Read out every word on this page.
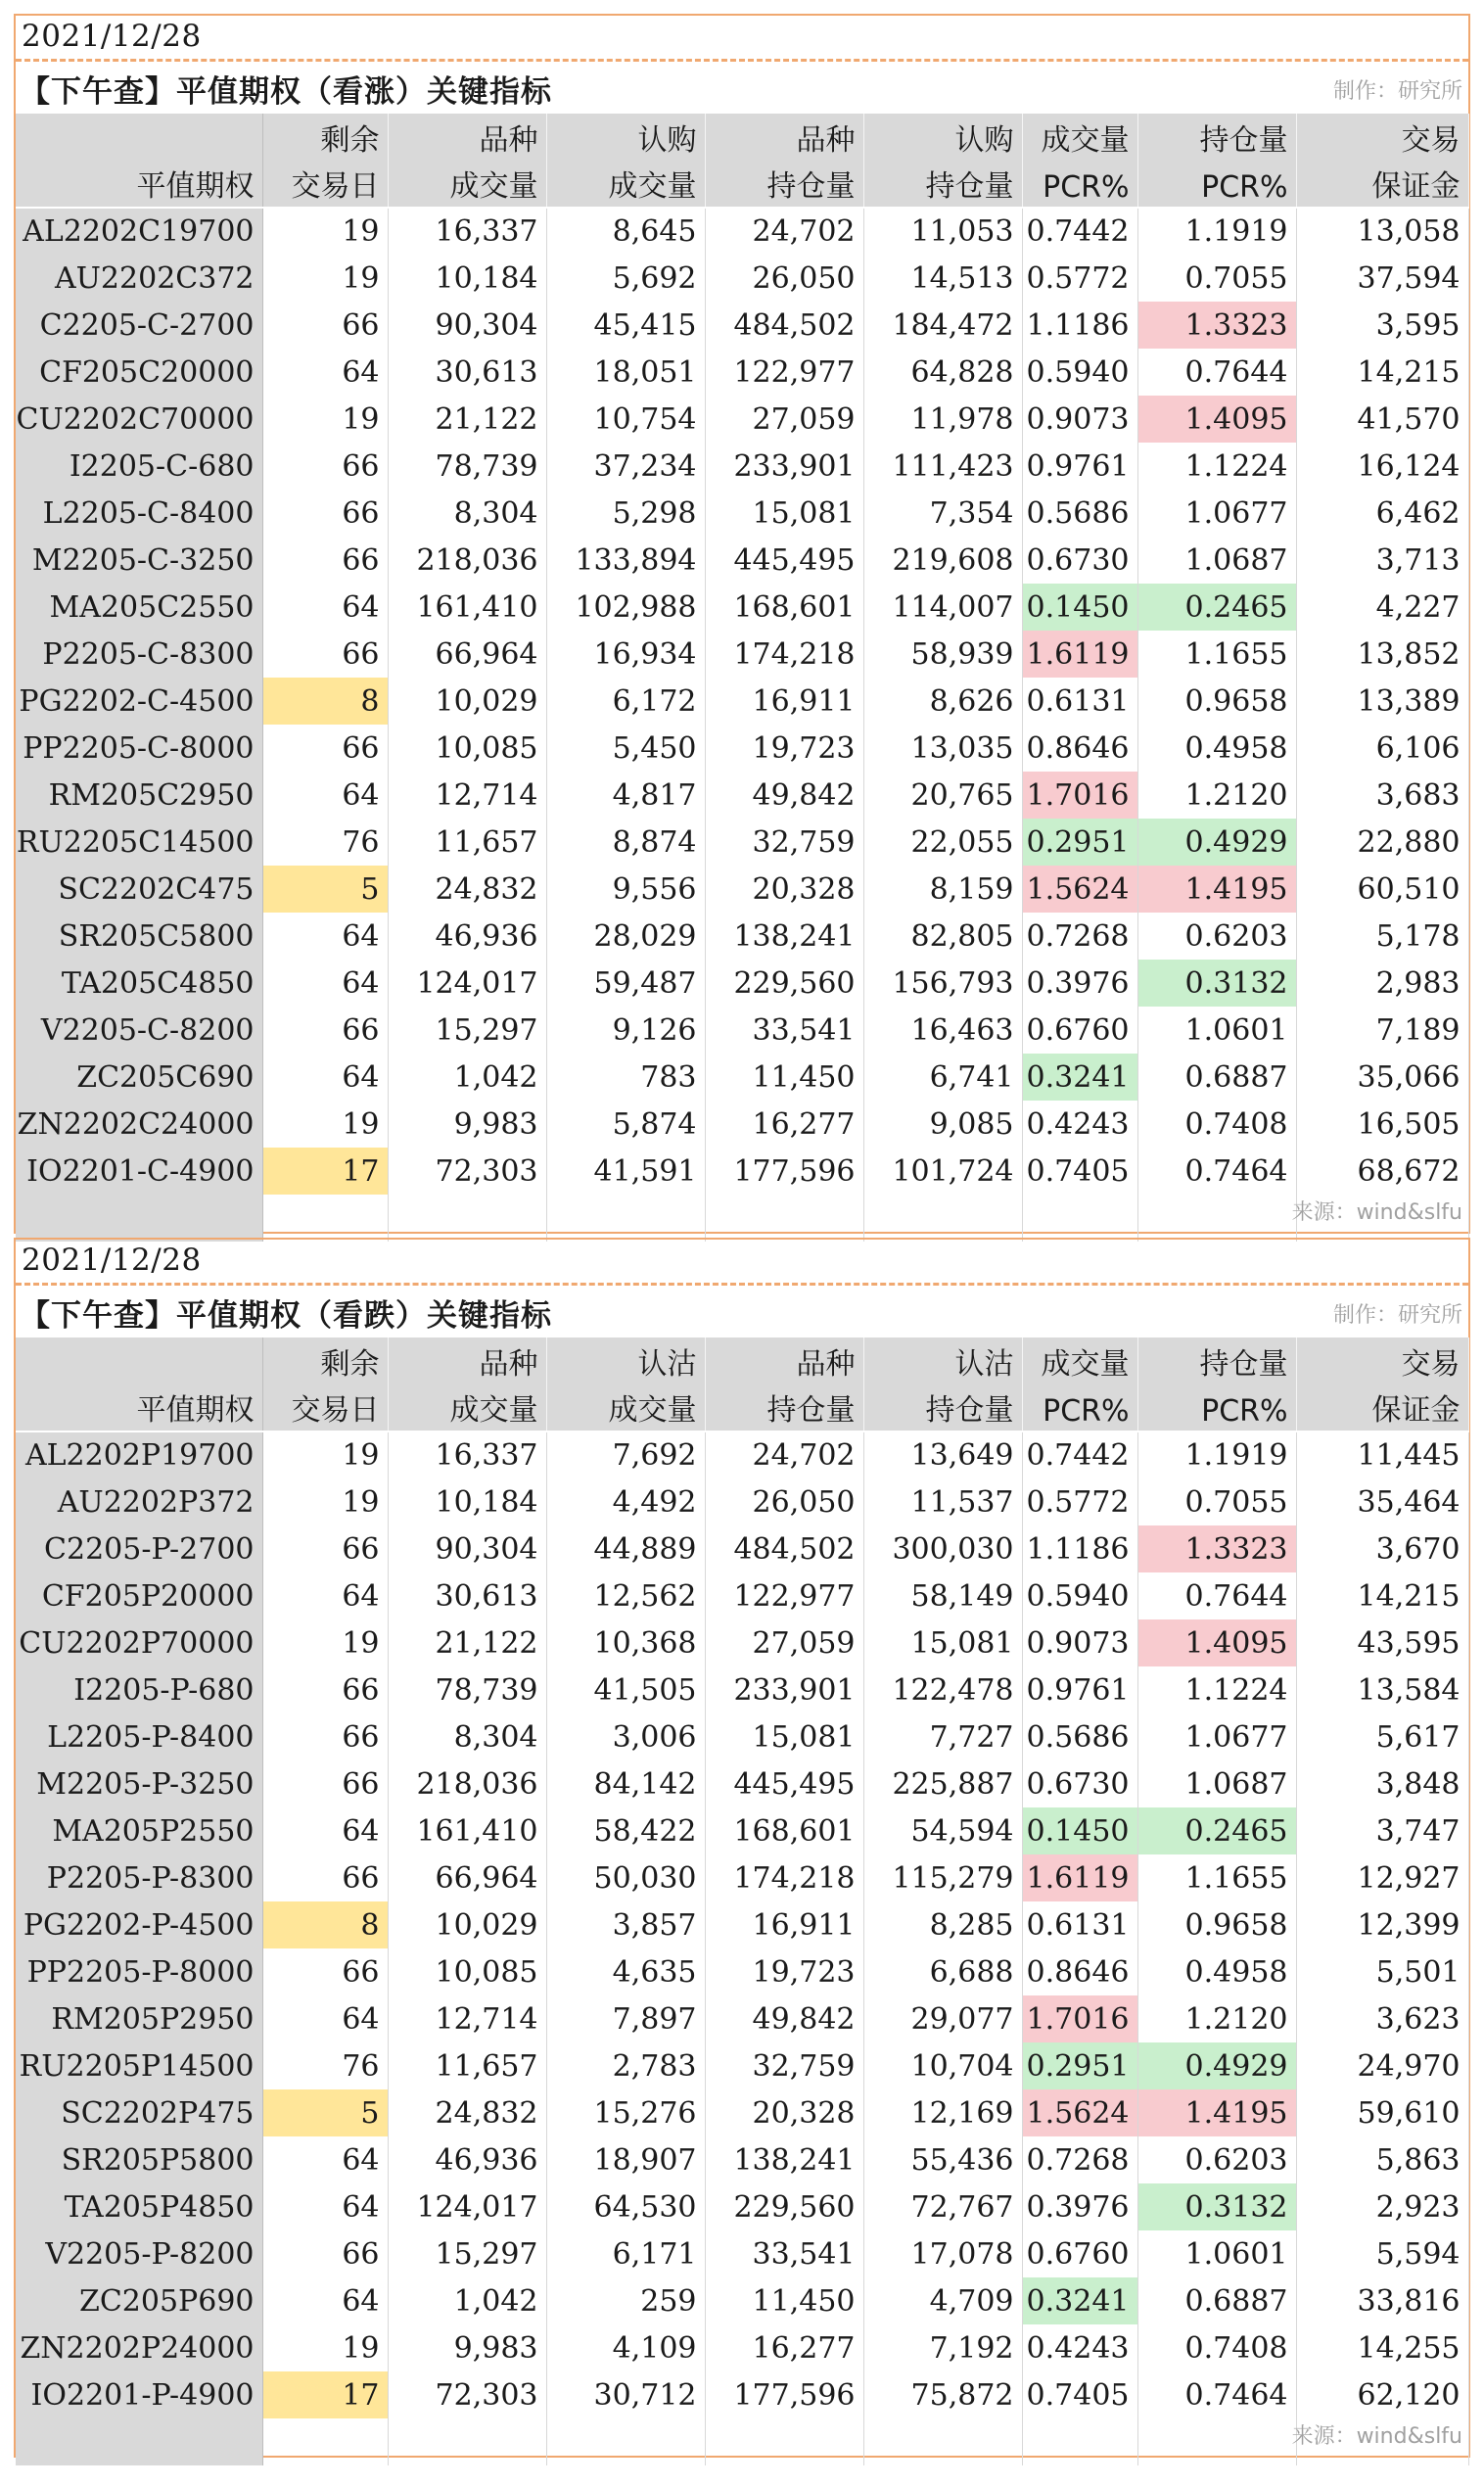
2021/12/28
【下午查】平值期权（看涨）关键指标	制作：研究所
	剩余	品种	认购	品种	认购	成交量	持仓量	交易
平值期权	交易日	成交量	成交量	持仓量	持仓量	PCR%	PCR%	保证金
AL2202C19700	19	16,337	8,645	24,702	11,053	0.7442	1.1919	13,058
AU2202C372	19	10,184	5,692	26,050	14,513	0.5772	0.7055	37,594
C2205-C-2700	66	90,304	45,415	484,502	184,472	1.1186	1.3323	3,595
CF205C20000	64	30,613	18,051	122,977	64,828	0.5940	0.7644	14,215
CU2202C70000	19	21,122	10,754	27,059	11,978	0.9073	1.4095	41,570
I2205-C-680	66	78,739	37,234	233,901	111,423	0.9761	1.1224	16,124
L2205-C-8400	66	8,304	5,298	15,081	7,354	0.5686	1.0677	6,462
M2205-C-3250	66	218,036	133,894	445,495	219,608	0.6730	1.0687	3,713
MA205C2550	64	161,410	102,988	168,601	114,007	0.1450	0.2465	4,227
P2205-C-8300	66	66,964	16,934	174,218	58,939	1.6119	1.1655	13,852
PG2202-C-4500	8	10,029	6,172	16,911	8,626	0.6131	0.9658	13,389
PP2205-C-8000	66	10,085	5,450	19,723	13,035	0.8646	0.4958	6,106
RM205C2950	64	12,714	4,817	49,842	20,765	1.7016	1.2120	3,683
RU2205C14500	76	11,657	8,874	32,759	22,055	0.2951	0.4929	22,880
SC2202C475	5	24,832	9,556	20,328	8,159	1.5624	1.4195	60,510
SR205C5800	64	46,936	28,029	138,241	82,805	0.7268	0.6203	5,178
TA205C4850	64	124,017	59,487	229,560	156,793	0.3976	0.3132	2,983
V2205-C-8200	66	15,297	9,126	33,541	16,463	0.6760	1.0601	7,189
ZC205C690	64	1,042	783	11,450	6,741	0.3241	0.6887	35,066
ZN2202C24000	19	9,983	5,874	16,277	9,085	0.4243	0.7408	16,505
IO2201-C-4900	17	72,303	41,591	177,596	101,724	0.7405	0.7464	68,672

来源：wind&slfu
2021/12/28
【下午查】平值期权（看跌）关键指标	制作：研究所
	剩余	品种	认沽	品种	认沽	成交量	持仓量	交易
平值期权	交易日	成交量	成交量	持仓量	持仓量	PCR%	PCR%	保证金
AL2202P19700	19	16,337	7,692	24,702	13,649	0.7442	1.1919	11,445
AU2202P372	19	10,184	4,492	26,050	11,537	0.5772	0.7055	35,464
C2205-P-2700	66	90,304	44,889	484,502	300,030	1.1186	1.3323	3,670
CF205P20000	64	30,613	12,562	122,977	58,149	0.5940	0.7644	14,215
CU2202P70000	19	21,122	10,368	27,059	15,081	0.9073	1.4095	43,595
I2205-P-680	66	78,739	41,505	233,901	122,478	0.9761	1.1224	13,584
L2205-P-8400	66	8,304	3,006	15,081	7,727	0.5686	1.0677	5,617
M2205-P-3250	66	218,036	84,142	445,495	225,887	0.6730	1.0687	3,848
MA205P2550	64	161,410	58,422	168,601	54,594	0.1450	0.2465	3,747
P2205-P-8300	66	66,964	50,030	174,218	115,279	1.6119	1.1655	12,927
PG2202-P-4500	8	10,029	3,857	16,911	8,285	0.6131	0.9658	12,399
PP2205-P-8000	66	10,085	4,635	19,723	6,688	0.8646	0.4958	5,501
RM205P2950	64	12,714	7,897	49,842	29,077	1.7016	1.2120	3,623
RU2205P14500	76	11,657	2,783	32,759	10,704	0.2951	0.4929	24,970
SC2202P475	5	24,832	15,276	20,328	12,169	1.5624	1.4195	59,610
SR205P5800	64	46,936	18,907	138,241	55,436	0.7268	0.6203	5,863
TA205P4850	64	124,017	64,530	229,560	72,767	0.3976	0.3132	2,923
V2205-P-8200	66	15,297	6,171	33,541	17,078	0.6760	1.0601	5,594
ZC205P690	64	1,042	259	11,450	4,709	0.3241	0.6887	33,816
ZN2202P24000	19	9,983	4,109	16,277	7,192	0.4243	0.7408	14,255
IO2201-P-4900	17	72,303	30,712	177,596	75,872	0.7405	0.7464	62,120

来源：wind&slfu
